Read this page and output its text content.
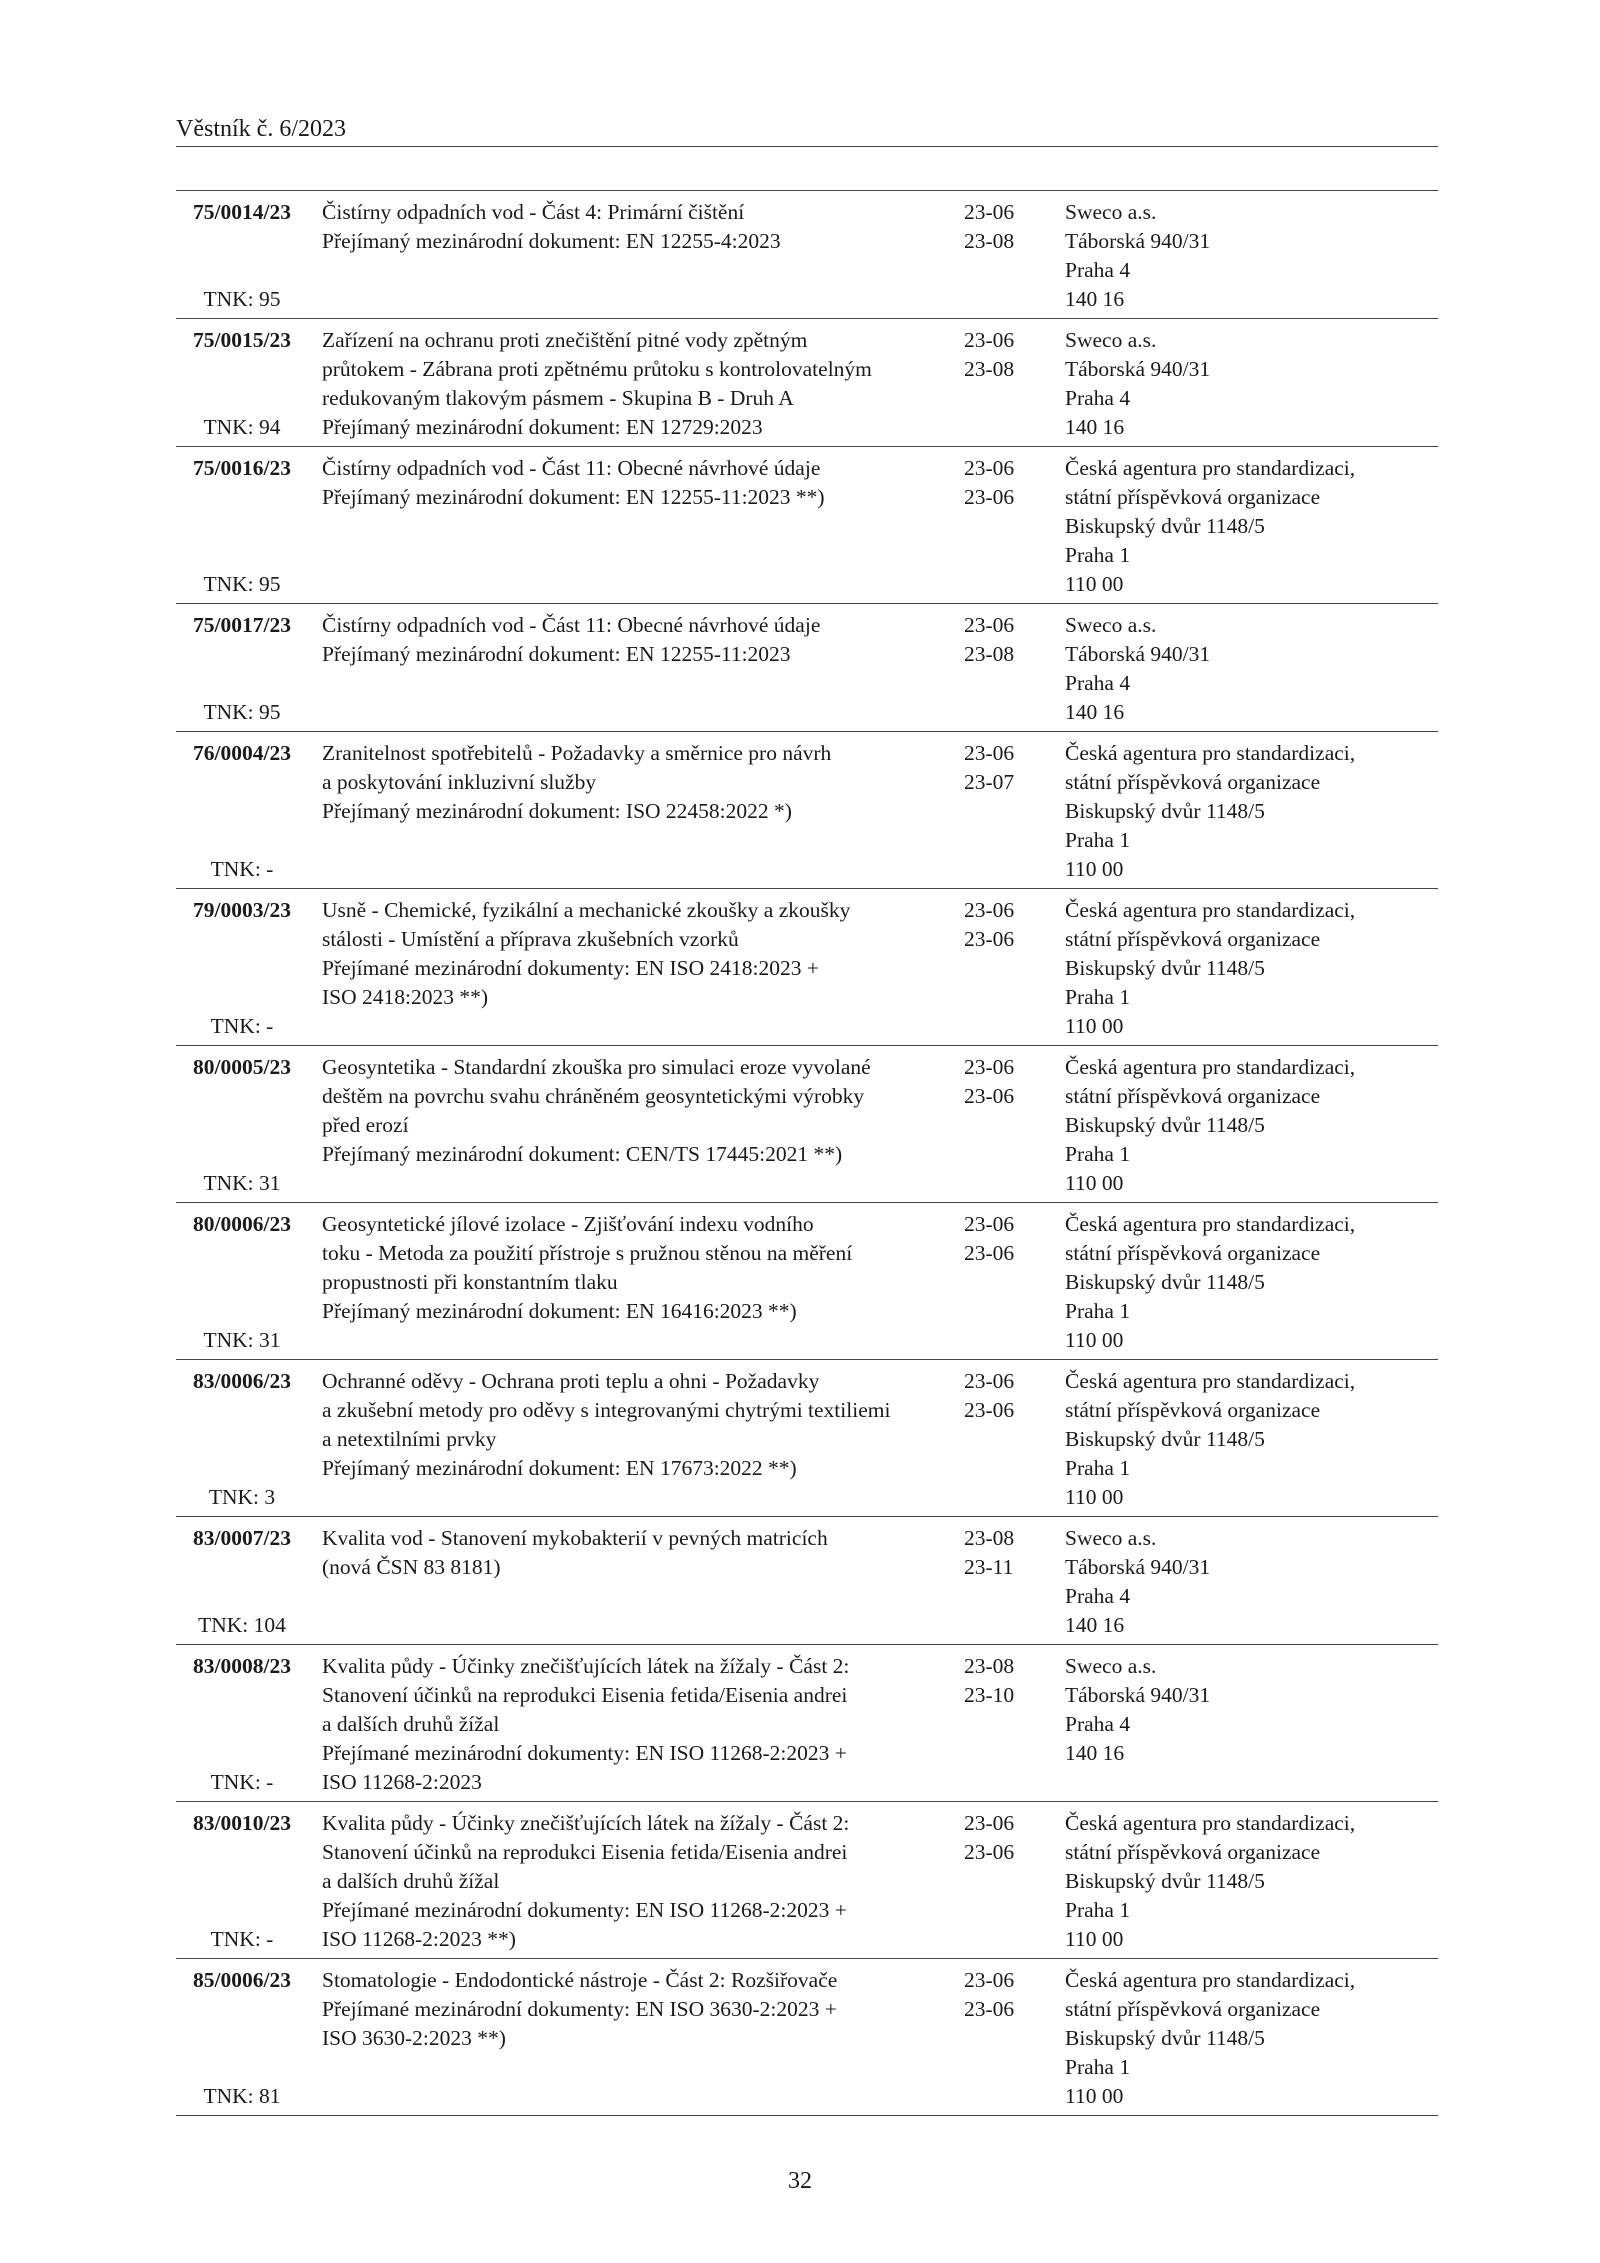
Věstník č. 6/2023
75/0014/23
TNK: 95
Čistírny odpadních vod - Část 4: Primární čištění
Přejímaný mezinárodní dokument: EN 12255-4:2023
23-06
23-08
Sweco a.s.
Táborská 940/31
Praha 4
140 16
75/0015/23
TNK: 94
Zařízení na ochranu proti znečištění pitné vody zpětným
průtokem - Zábrana proti zpětnému průtoku s kontrolovatelným
redukovaným tlakovým pásmem - Skupina B - Druh A
Přejímaný mezinárodní dokument: EN 12729:2023
23-06
23-08
Sweco a.s.
Táborská 940/31
Praha 4
140 16
75/0016/23
TNK: 95
Čistírny odpadních vod - Část 11: Obecné návrhové údaje
Přejímaný mezinárodní dokument: EN 12255-11:2023 **)
23-06
23-06
Česká agentura pro standardizaci,
státní příspěvková organizace
Biskupský dvůr 1148/5
Praha 1
110 00
75/0017/23
TNK: 95
Čistírny odpadních vod - Část 11: Obecné návrhové údaje
Přejímaný mezinárodní dokument: EN 12255-11:2023
23-06
23-08
Sweco a.s.
Táborská 940/31
Praha 4
140 16
76/0004/23
TNK: -
Zranitelnost spotřebitelů - Požadavky a směrnice pro návrh
a poskytování inkluzivní služby
Přejímaný mezinárodní dokument: ISO 22458:2022 *)
23-06
23-07
Česká agentura pro standardizaci,
státní příspěvková organizace
Biskupský dvůr 1148/5
Praha 1
110 00
79/0003/23
TNK: -
Usně - Chemické, fyzikální a mechanické zkoušky a zkoušky
stálosti - Umístění a příprava zkušebních vzorků
Přejímané mezinárodní dokumenty: EN ISO 2418:2023 +
ISO 2418:2023 **)
23-06
23-06
Česká agentura pro standardizaci,
státní příspěvková organizace
Biskupský dvůr 1148/5
Praha 1
110 00
80/0005/23
TNK: 31
Geosyntetika - Standardní zkouška pro simulaci eroze vyvolané
deštěm na povrchu svahu chráněném geosyntetickými výrobky
před erozí
Přejímaný mezinárodní dokument: CEN/TS 17445:2021 **)
23-06
23-06
Česká agentura pro standardizaci,
státní příspěvková organizace
Biskupský dvůr 1148/5
Praha 1
110 00
80/0006/23
TNK: 31
Geosyntetické jílové izolace - Zjišťování indexu vodního
toku - Metoda za použití přístroje s pružnou stěnou na měření
propustnosti při konstantním tlaku
Přejímaný mezinárodní dokument: EN 16416:2023 **)
23-06
23-06
Česká agentura pro standardizaci,
státní příspěvková organizace
Biskupský dvůr 1148/5
Praha 1
110 00
83/0006/23
TNK: 3
Ochranné oděvy - Ochrana proti teplu a ohni - Požadavky
a zkušební metody pro oděvy s integrovanými chytrými textiliemi
a netextilními prvky
Přejímaný mezinárodní dokument: EN 17673:2022 **)
23-06
23-06
Česká agentura pro standardizaci,
státní příspěvková organizace
Biskupský dvůr 1148/5
Praha 1
110 00
83/0007/23
TNK: 104
Kvalita vod - Stanovení mykobakterií v pevných matricích
(nová ČSN 83 8181)
23-08
23-11
Sweco a.s.
Táborská 940/31
Praha 4
140 16
83/0008/23
TNK: -
Kvalita půdy - Účinky znečišťujících látek na žížaly - Část 2:
Stanovení účinků na reprodukci Eisenia fetida/Eisenia andrei
a dalších druhů žížal
Přejímané mezinárodní dokumenty: EN ISO 11268-2:2023 +
ISO 11268-2:2023
23-08
23-10
Sweco a.s.
Táborská 940/31
Praha 4
140 16
83/0010/23
TNK: -
Kvalita půdy - Účinky znečišťujících látek na žížaly - Část 2:
Stanovení účinků na reprodukci Eisenia fetida/Eisenia andrei
a dalších druhů žížal
Přejímané mezinárodní dokumenty: EN ISO 11268-2:2023 +
ISO 11268-2:2023 **)
23-06
23-06
Česká agentura pro standardizaci,
státní příspěvková organizace
Biskupský dvůr 1148/5
Praha 1
110 00
85/0006/23
TNK: 81
Stomatologie - Endodontické nástroje - Část 2: Rozšiřovače
Přejímané mezinárodní dokumenty: EN ISO 3630-2:2023 +
ISO 3630-2:2023 **)
23-06
23-06
Česká agentura pro standardizaci,
státní příspěvková organizace
Biskupský dvůr 1148/5
Praha 1
110 00
32
